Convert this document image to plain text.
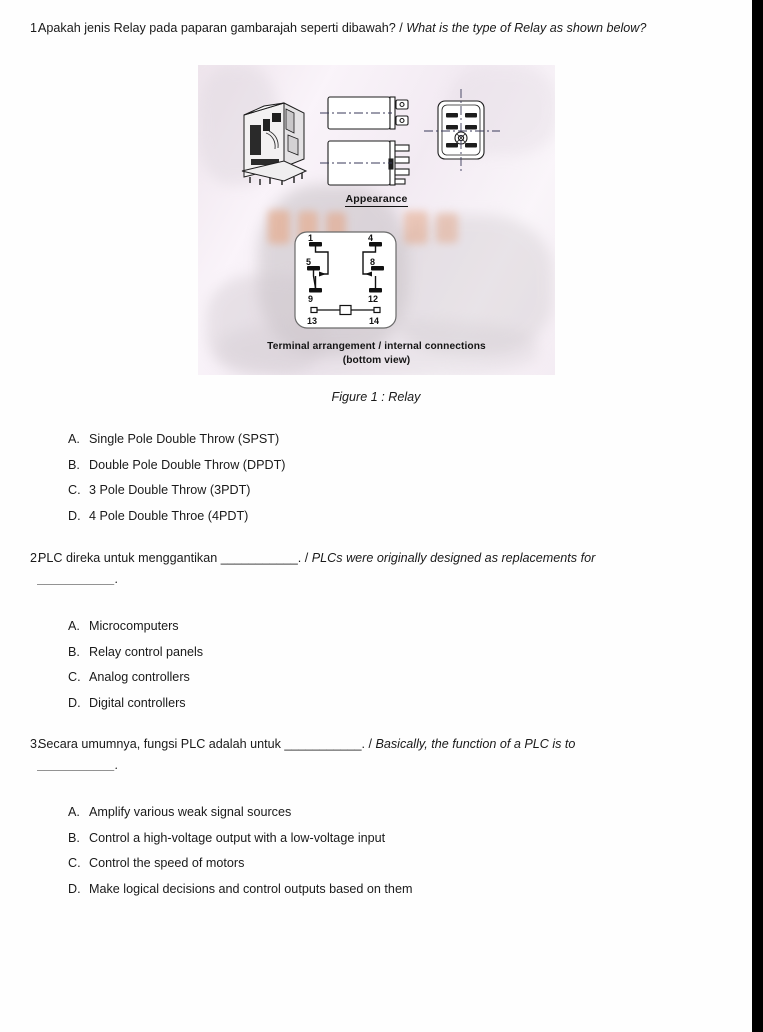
1.
Apakah jenis Relay pada paparan gambarajah seperti dibawah? / What is the type of Relay as shown below?
Appearance
1	4
5	8
9	12
13	14
Terminal arrangement / internal connections
(bottom view)
Figure 1 : Relay
A. Single Pole Double Throw (SPST)
B. Double Pole Double Throw (DPDT)
C. 3 Pole Double Throw (3PDT)
D. 4 Pole Double Throe (4PDT)
2.
PLC direka untuk menggantikan ___________. / PLCs were originally designed as replacements for ___________.
A. Microcomputers
B. Relay control panels
C. Analog controllers
D. Digital controllers
3.
Secara umumnya, fungsi PLC adalah untuk ___________. / Basically, the function of a PLC is to ___________.
A. Amplify various weak signal sources
B. Control a high-voltage output with a low-voltage input
C. Control the speed of motors
D. Make logical decisions and control outputs based on them
